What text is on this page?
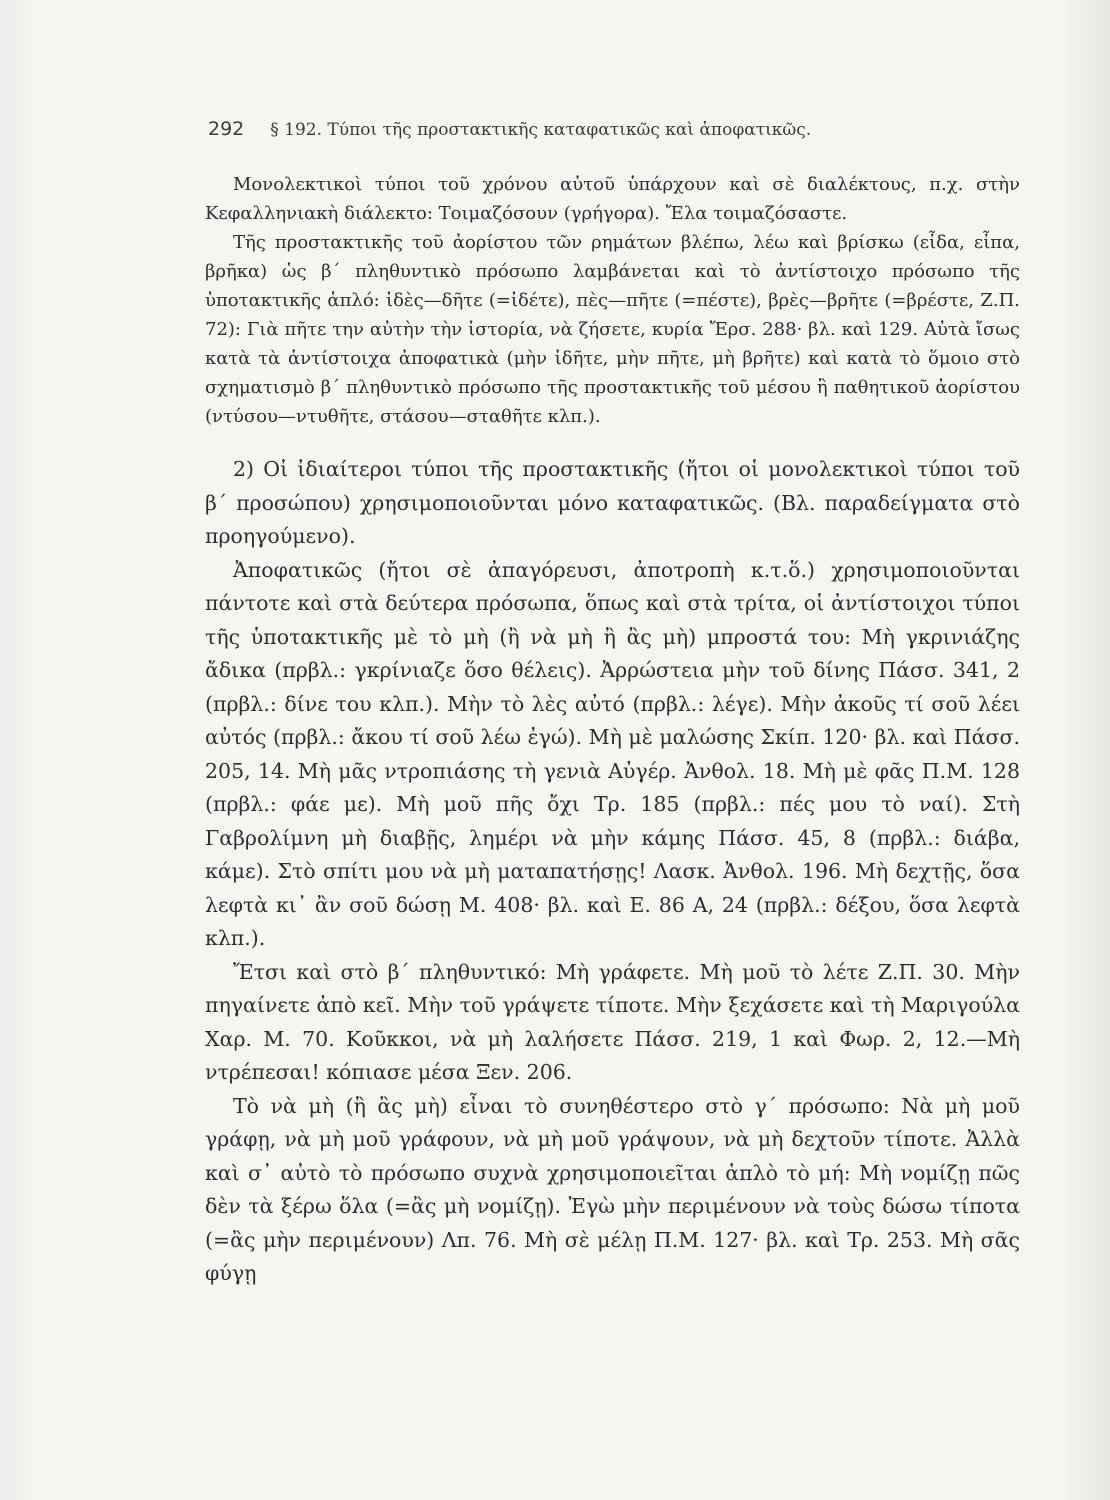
292 § 192. Τύποι τῆς προστακτικῆς καταφατικῶς καὶ ἀποφατικῶς.

Μονολεκτικοὶ τύποι τοῦ χρόνου αὐτοῦ ὑπάρχουν καὶ σὲ διαλέκτους, π.χ. στὴν Κεφαλληνιακὴ διάλεκτο: Τοιμαζόσουν (γρήγορα). Ἔλα τοιμαζόσαστε.

Τῆς προστακτικῆς τοῦ ἀορίστου τῶν ρημάτων βλέπω, λέω καὶ βρίσκω (εἶδα, εἶπα, βρῆκα) ὡς β΄ πληθυντικὸ πρόσωπο λαμβάνεται καὶ τὸ ἀντίστοιχο πρόσωπο τῆς ὑποτακτικῆς ἁπλό: ἰδὲς—δῆτε (=ἰδέτε), πὲς—πῆτε (=πέστε), βρὲς—βρῆτε (=βρέστε, Ζ.Π. 72): Γιὰ πῆτε την αὐτὴν τὴν ἱστορία, νὰ ζήσετε, κυρία Ἔρσ. 288· βλ. καὶ 129. Αὐτὰ ἴσως κατὰ τὰ ἀντίστοιχα ἀποφατικὰ (μὴν ἰδῆτε, μὴν πῆτε, μὴ βρῆτε) καὶ κατὰ τὸ ὅμοιο στὸ σχηματισμὸ β΄ πληθυντικὸ πρόσωπο τῆς προστακτικῆς τοῦ μέσου ἢ παθητικοῦ ἀορίστου (ντύσου—ντυθῆτε, στάσου—σταθῆτε κλπ.).

2) Οἱ ἰδιαίτεροι τύποι τῆς προστακτικῆς (ἤτοι οἱ μονολεκτικοὶ τύποι τοῦ β΄ προσώπου) χρησιμοποιοῦνται μόνο καταφατικῶς. (Βλ. παραδείγματα στὸ προηγούμενο).

Ἀποφατικῶς (ἤτοι σὲ ἀπαγόρευσι, ἀποτροπὴ κ.τ.ὅ.) χρησιμοποιοῦνται πάντοτε καὶ στὰ δεύτερα πρόσωπα, ὅπως καὶ στὰ τρίτα, οἱ ἀντίστοιχοι τύποι τῆς ὑποτακτικῆς μὲ τὸ μὴ (ἢ νὰ μὴ ἢ ἂς μὴ) μπροστά του: Μὴ γκρινιάζης ἄδικα (πρβλ.: γκρίνιαζε ὅσο θέλεις). Ἀρρώστεια μὴν τοῦ δίνης Πάσσ. 341, 2 (πρβλ.: δίνε του κλπ.). Μὴν τὸ λὲς αὐτό (πρβλ.: λέγε). Μὴν ἀκοῦς τί σοῦ λέει αὐτός (πρβλ.: ἄκου τί σοῦ λέω ἐγώ). Μὴ μὲ μαλώσης Σκίπ. 120· βλ. καὶ Πάσσ. 205, 14. Μὴ μᾶς ντροπιάσης τὴ γενιὰ Αὐγέρ. Ἀνθολ. 18. Μὴ μὲ φᾶς Π.Μ. 128 (πρβλ.: φάε με). Μὴ μοῦ πῆς ὄχι Τρ. 185 (πρβλ.: πές μου τὸ ναί). Στὴ Γαβρολίμνη μὴ διαβῇς, λημέρι νὰ μὴν κάμης Πάσσ. 45, 8 (πρβλ.: διάβα, κάμε). Στὸ σπίτι μου νὰ μὴ ματαπατήσῃς! Λασκ. Ἀνθολ. 196. Μὴ δεχτῇς, ὅσα λεφτὰ κι᾿ ἂν σοῦ δώσῃ Μ. 408· βλ. καὶ Ε. 86 Α, 24 (πρβλ.: δέξου, ὅσα λεφτὰ κλπ.).

Ἔτσι καὶ στὸ β΄ πληθυντικό: Μὴ γράφετε. Μὴ μοῦ τὸ λέτε Ζ.Π. 30. Μὴν πηγαίνετε ἀπὸ κεῖ. Μὴν τοῦ γράψετε τίποτε. Μὴν ξεχάσετε καὶ τὴ Μαριγούλα Χαρ. Μ. 70. Κοῦκκοι, νὰ μὴ λαλήσετε Πάσσ. 219, 1 καὶ Φωρ. 2, 12.—Μὴ ντρέπεσαι! κόπιασε μέσα Ξεν. 206.

Τὸ νὰ μὴ (ἢ ἂς μὴ) εἶναι τὸ συνηθέστερο στὸ γ΄ πρόσωπο: Νὰ μὴ μοῦ γράφῃ, νὰ μὴ μοῦ γράφουν, νὰ μὴ μοῦ γράψουν, νὰ μὴ δεχτοῦν τίποτε. Ἀλλὰ καὶ σ᾿ αὐτὸ τὸ πρόσωπο συχνὰ χρησιμοποιεῖται ἁπλὸ τὸ μή: Μὴ νομίζῃ πῶς δὲν τὰ ξέρω ὅλα (=ἂς μὴ νομίζῃ). Ἐγὼ μὴν περιμένουν νὰ τοὺς δώσω τίποτα (=ἂς μὴν περιμένουν) Λπ. 76. Μὴ σὲ μέλῃ Π.Μ. 127· βλ. καὶ Τρ. 253. Μὴ σᾶς φύγῃ
